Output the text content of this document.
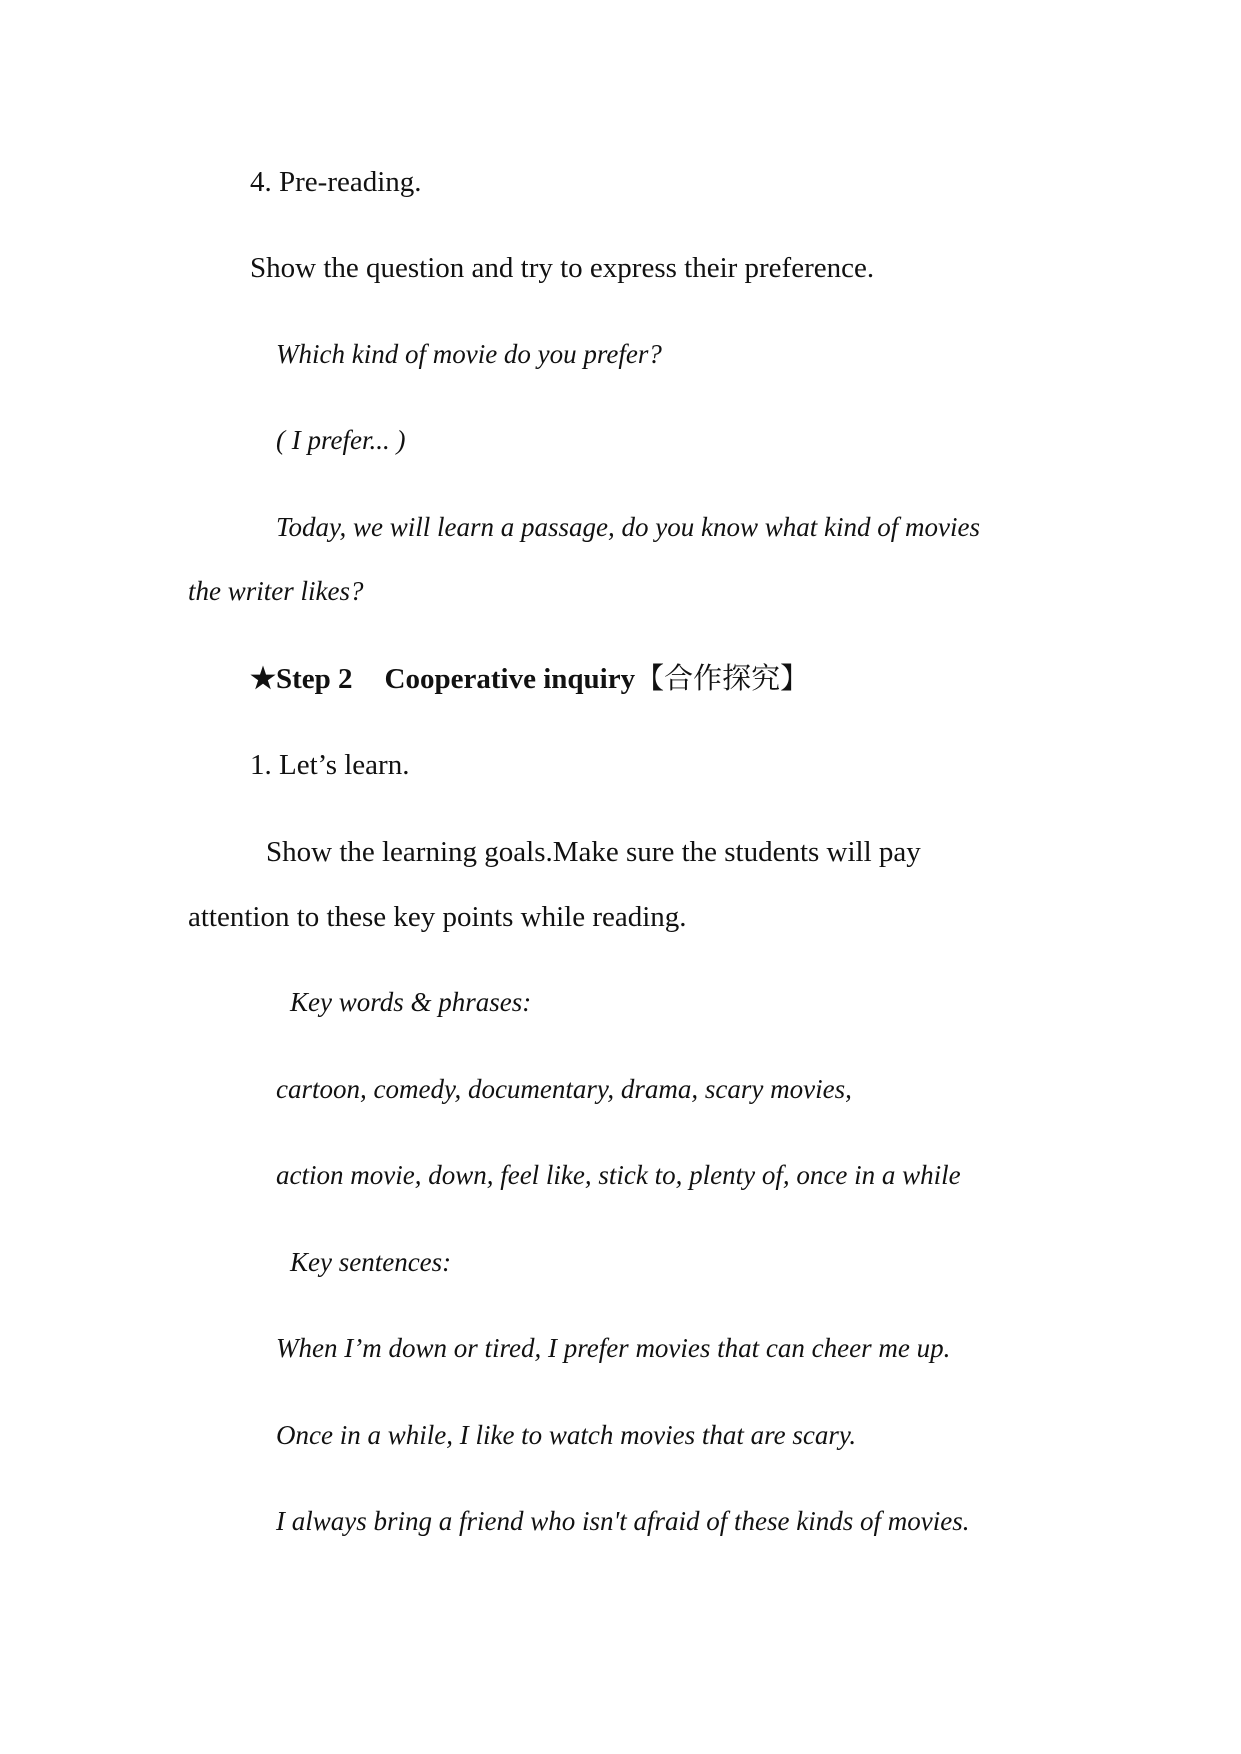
4. Pre-reading.
Show the question and try to express their preference.
Which kind of movie do you prefer?
( I prefer... )
Today, we will learn a passage, do you know what kind of movies
the writer likes?
★Step 2 Cooperative inquiry【合作探究】
1. Let’s learn.
Show the learning goals.Make sure the students will pay
attention to these key points while reading.
Key words & phrases:
cartoon, comedy, documentary, drama, scary movies,
action movie, down, feel like, stick to, plenty of, once in a while
Key sentences:
When I’m down or tired, I prefer movies that can cheer me up.
Once in a while, I like to watch movies that are scary.
I always bring a friend who isn't afraid of these kinds of movies.
